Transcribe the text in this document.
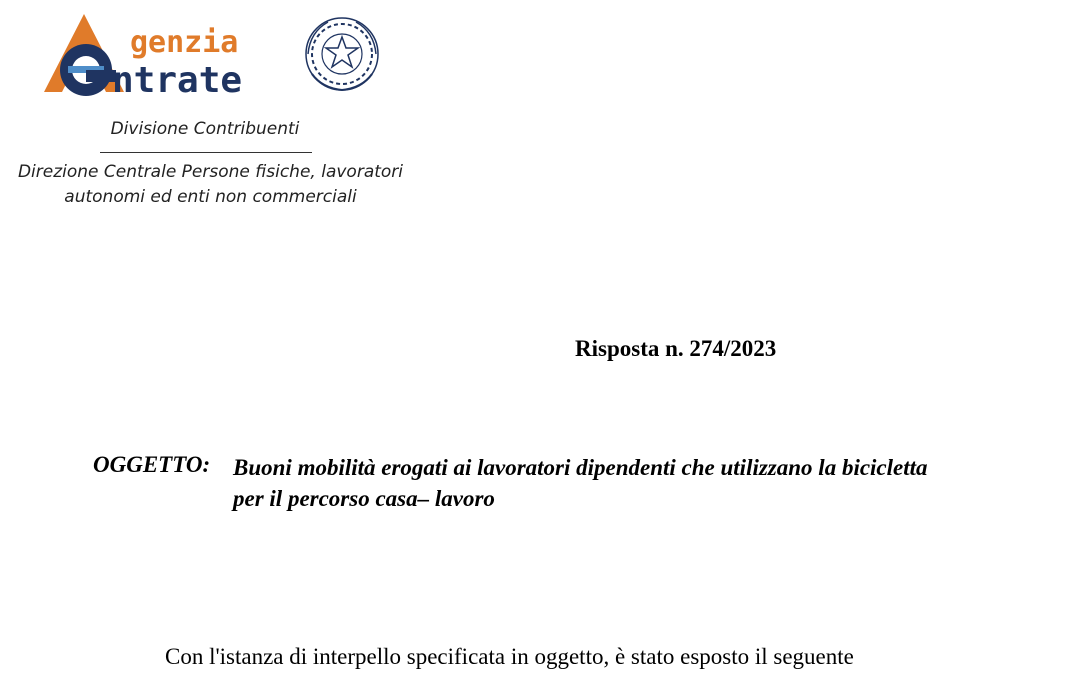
genzia
ntrate
Divisione Contribuenti
Direzione Centrale Persone fisiche, lavoratori
autonomi ed enti non commerciali
Risposta n. 274/2023
OGGETTO: Buoni mobilità erogati ai lavoratori dipendenti che utilizzano la bicicletta
per il percorso casa– lavoro
Con l'istanza di interpello specificata in oggetto, è stato esposto il seguente
